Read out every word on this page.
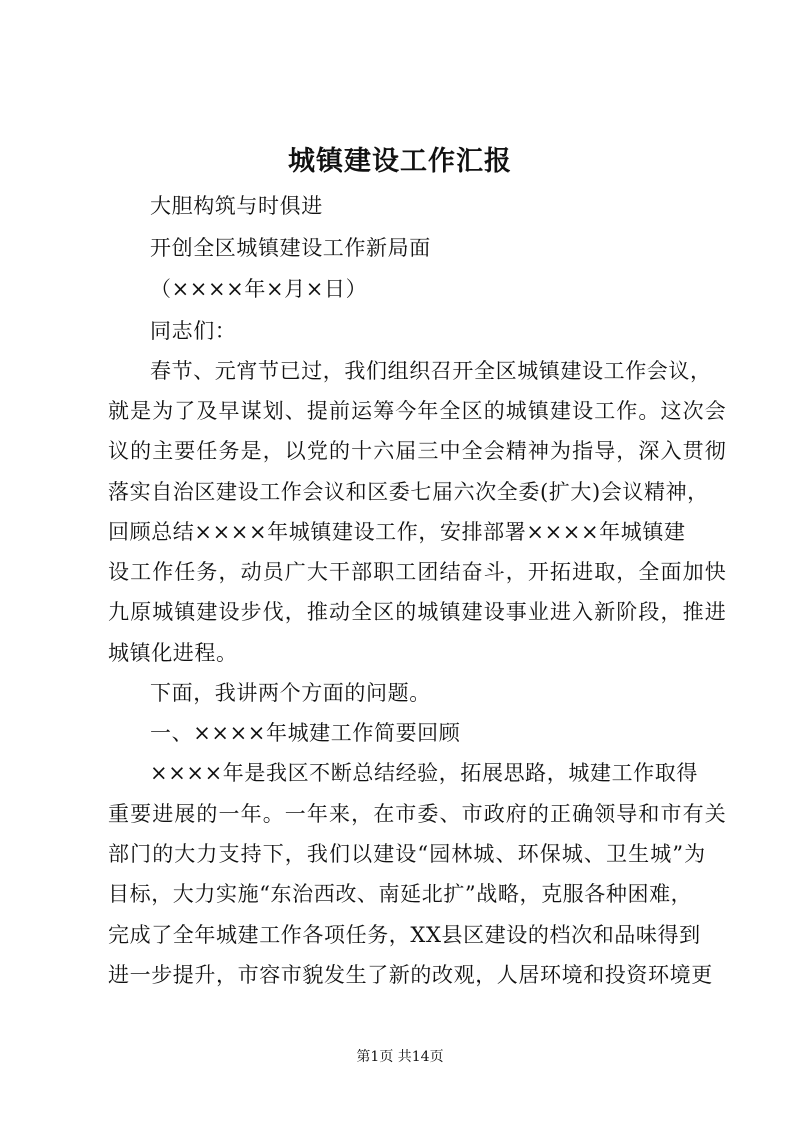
城镇建设工作汇报
大胆构筑与时俱进
开创全区城镇建设工作新局面
（××××年×月×日）
同志们：
春节、元宵节已过，我们组织召开全区城镇建设工作会议，
就是为了及早谋划、提前运筹今年全区的城镇建设工作。这次会
议的主要任务是，以党的十六届三中全会精神为指导，深入贯彻
落实自治区建设工作会议和区委七届六次全委(扩大)会议精神，
回顾总结××××年城镇建设工作，安排部署××××年城镇建
设工作任务，动员广大干部职工团结奋斗，开拓进取，全面加快
九原城镇建设步伐，推动全区的城镇建设事业进入新阶段，推进
城镇化进程。
下面，我讲两个方面的问题。
一、××××年城建工作简要回顾
××××年是我区不断总结经验，拓展思路，城建工作取得
重要进展的一年。一年来，在市委、市政府的正确领导和市有关
部门的大力支持下，我们以建设“园林城、环保城、卫生城”为
目标，大力实施“东治西改、南延北扩”战略，克服各种困难，
完成了全年城建工作各项任务，XX县区建设的档次和品味得到
进一步提升，市容市貌发生了新的改观，人居环境和投资环境更
第1页 共14页
